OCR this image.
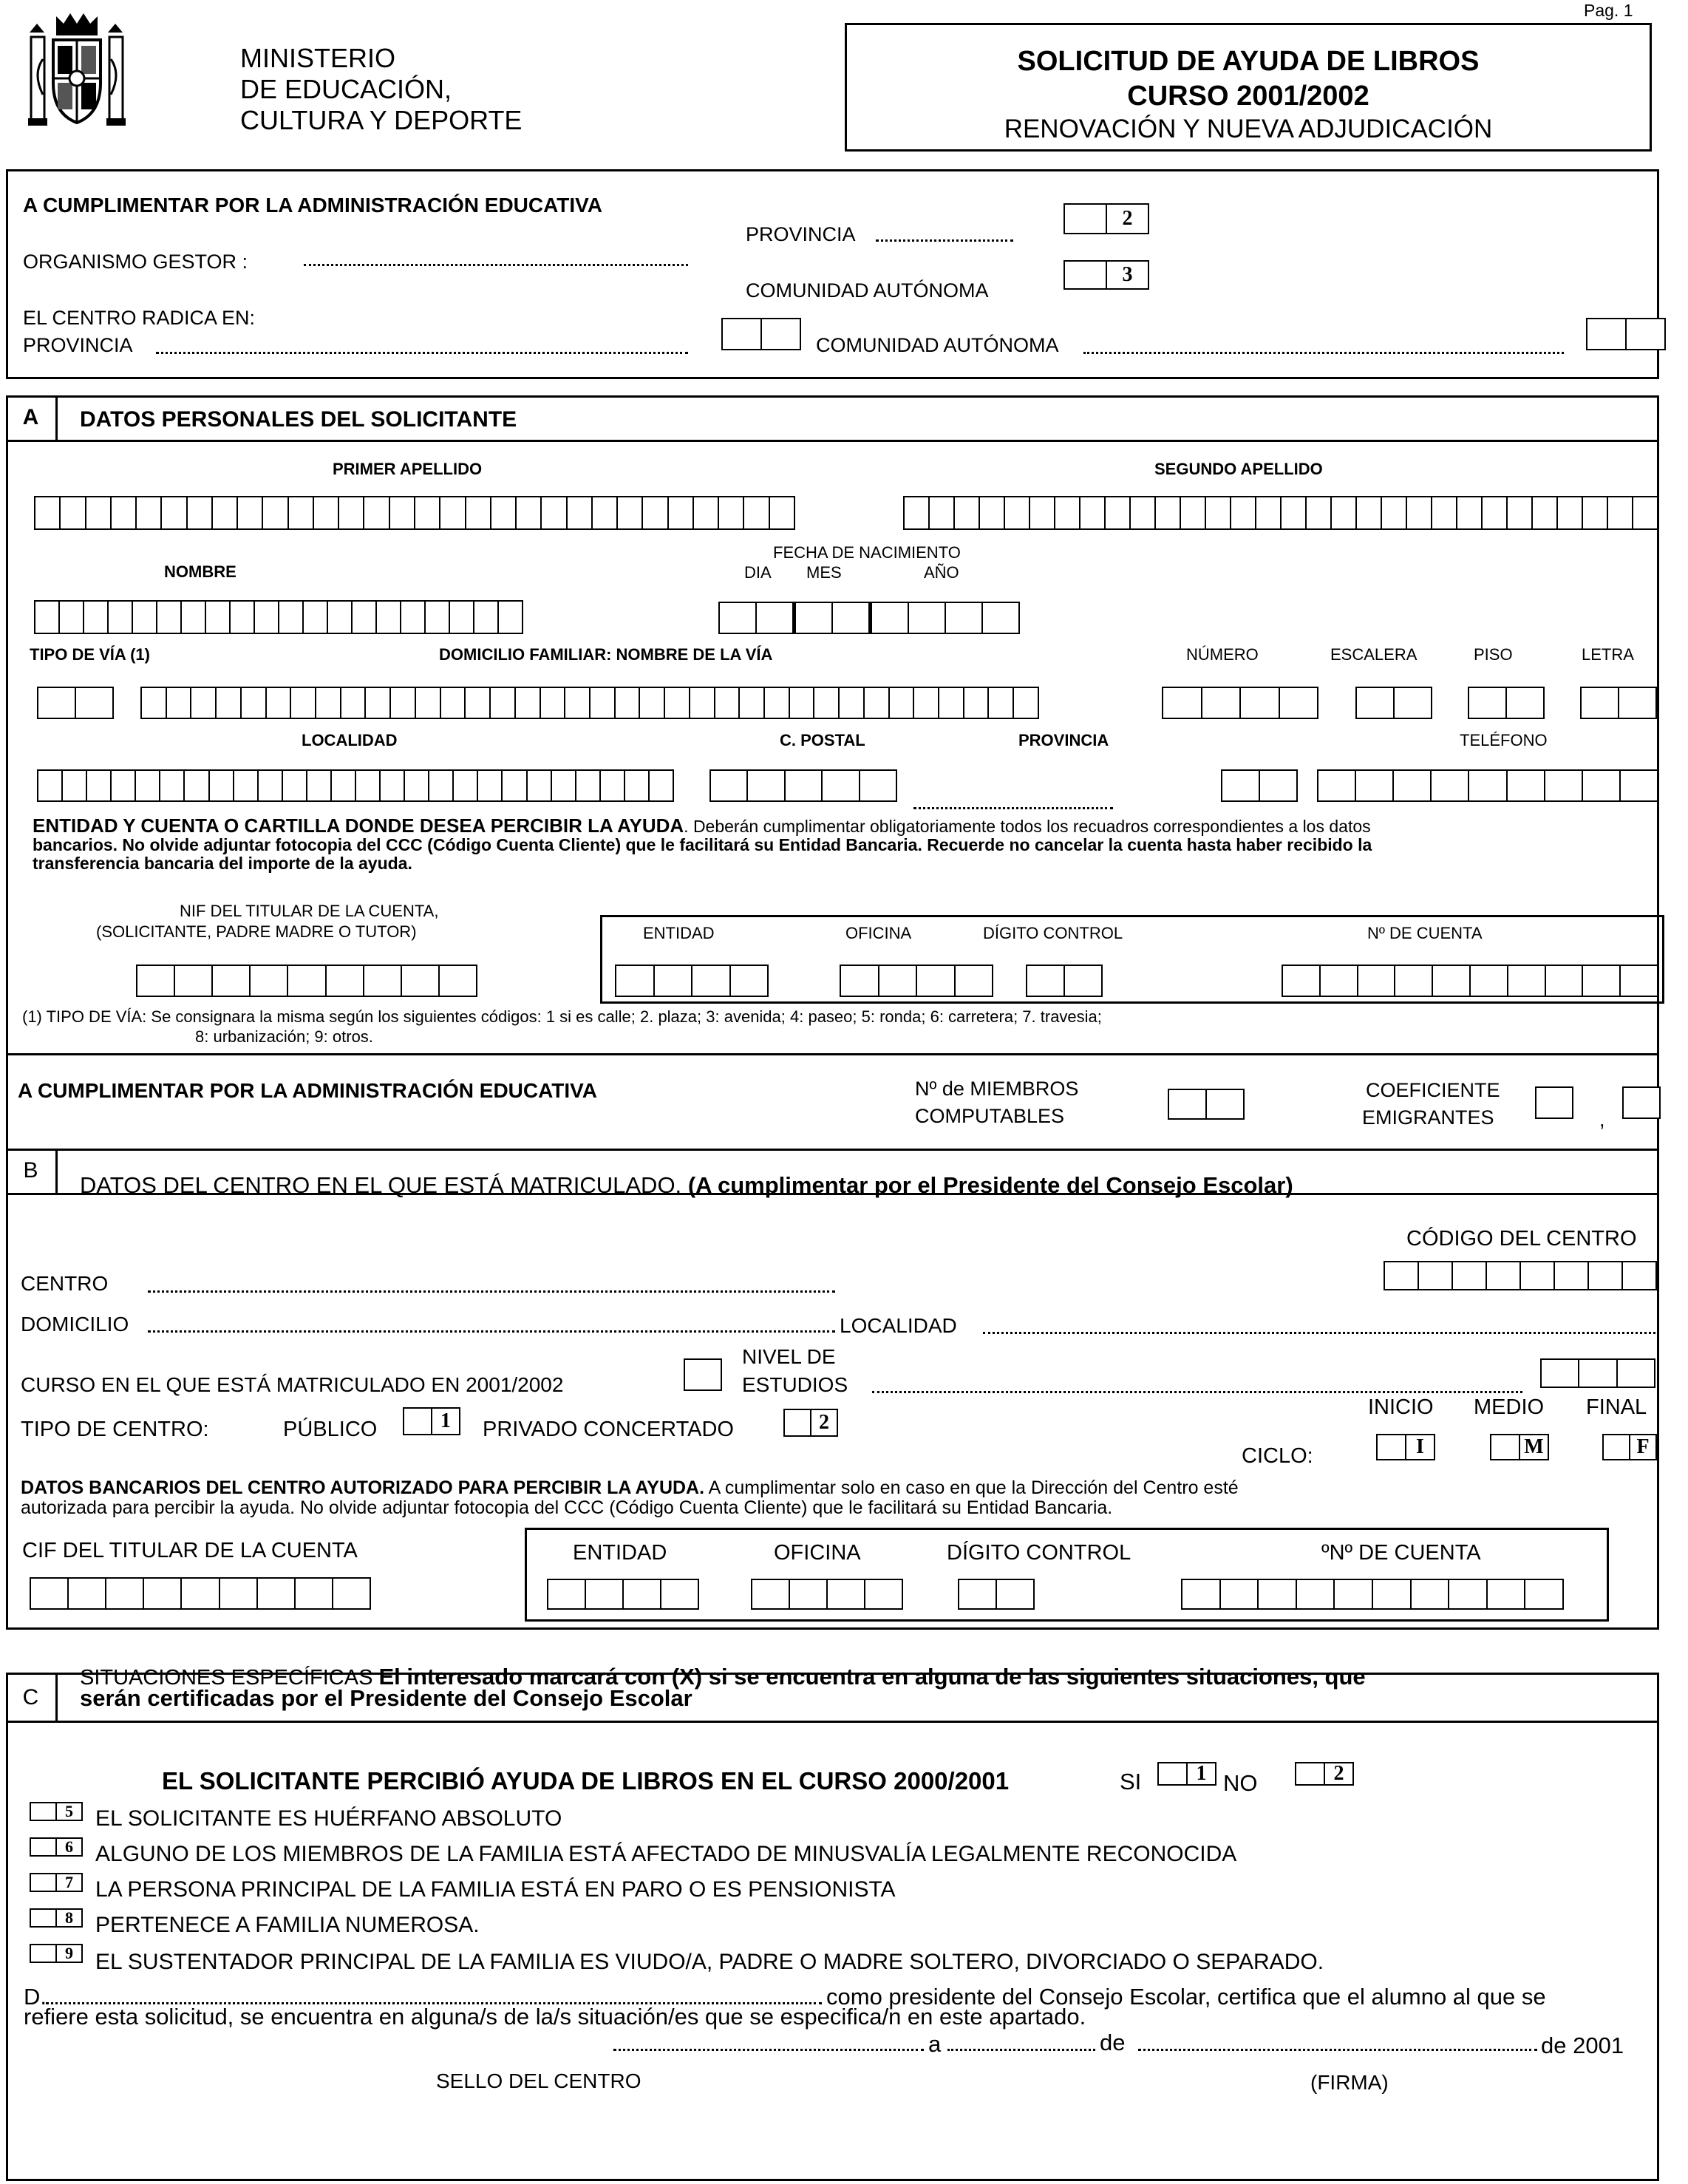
Pag. 1
MINISTERIO
DE EDUCACIÓN,
CULTURA Y DEPORTE
SOLICITUD DE AYUDA DE LIBROS
CURSO 2001/2002
RENOVACIÓN Y NUEVA ADJUDICACIÓN
A CUMPLIMENTAR POR LA ADMINISTRACIÓN EDUCATIVA
ORGANISMO GESTOR :
PROVINCIA
2
COMUNIDAD AUTÓNOMA
3
EL CENTRO RADICA EN:
PROVINCIA	COMUNIDAD AUTÓNOMA
A	DATOS PERSONALES DEL SOLICITANTE
PRIMER APELLIDO	SEGUNDO APELLIDO
NOMBRE
FECHA DE NACIMIENTO
DIA MES	AÑO
TIPO DE VÍA (1)	DOMICILIO FAMILIAR: NOMBRE DE LA VÍA	NÚMERO	ESCALERA	PISO	LETRA
LOCALIDAD	C. POSTAL	PROVINCIA	TELÉFONO
ENTIDAD Y CUENTA O CARTILLA DONDE DESEA PERCIBIR LA AYUDA. Deberán cumplimentar obligatoriamente todos los recuadros correspondientes a los datos
bancarios. No olvide adjuntar fotocopia del CCC (Código Cuenta Cliente) que le facilitará su Entidad Bancaria. Recuerde no cancelar la cuenta hasta haber recibido la
transferencia bancaria del importe de la ayuda.
NIF DEL TITULAR DE LA CUENTA,
(SOLICITANTE, PADRE MADRE O TUTOR)	ENTIDAD	OFICINA	DÍGITO CONTROL	Nº DE CUENTA
(1) TIPO DE VÍA: Se consignara la misma según los siguientes códigos: 1 si es calle; 2. plaza; 3: avenida; 4: paseo; 5: ronda; 6: carretera; 7. travesia;
8: urbanización; 9: otros.
A CUMPLIMENTAR POR LA ADMINISTRACIÓN EDUCATIVA	Nº de MIEMBROS
COMPUTABLES
COEFICIENTE
EMIGRANTES	,
B
DATOS DEL CENTRO EN EL QUE ESTÁ MATRICULADO. (A cumplimentar por el Presidente del Consejo Escolar)
CÓDIGO DEL CENTRO
CENTRO
DOMICILIO	LOCALIDAD
CURSO EN EL QUE ESTÁ MATRICULADO EN 2001/2002
NIVEL DE
ESTUDIOS
TIPO DE CENTRO:	PÚBLICO	1	PRIVADO CONCERTADO	2
INICIO MEDIO FINAL
CICLO:	I	M	F
DATOS BANCARIOS DEL CENTRO AUTORIZADO PARA PERCIBIR LA AYUDA. A cumplimentar solo en caso en que la Dirección del Centro esté
autorizada para percibir la ayuda. No olvide adjuntar fotocopia del CCC (Código Cuenta Cliente) que le facilitará su Entidad Bancaria.
CIF DEL TITULAR DE LA CUENTA	ENTIDAD	OFICINA	DÍGITO CONTROL	ºNº DE CUENTA
C
SITUACIONES ESPECÍFICAS El interesado marcará con (X) si se encuentra en alguna de las siguientes situaciones, que
serán certificadas por el Presidente del Consejo Escolar
EL SOLICITANTE PERCIBIÓ AYUDA DE LIBROS EN EL CURSO 2000/2001	SI	1 NO	2
5	EL SOLICITANTE ES HUÉRFANO ABSOLUTO
6	ALGUNO DE LOS MIEMBROS DE LA FAMILIA ESTÁ AFECTADO DE MINUSVALÍA LEGALMENTE RECONOCIDA
7	LA PERSONA PRINCIPAL DE LA FAMILIA ESTÁ EN PARO O ES PENSIONISTA
8	PERTENECE A FAMILIA NUMEROSA.
9	EL SUSTENTADOR PRINCIPAL DE LA FAMILIA ES VIUDO/A, PADRE O MADRE SOLTERO, DIVORCIADO O SEPARADO.
D.	como presidente del Consejo Escolar, certifica que el alumno al que se
refiere esta solicitud, se encuentra en alguna/s de la/s situación/es que se especifica/n en este apartado.
a	de	de 2001
SELLO DEL CENTRO	(FIRMA)
